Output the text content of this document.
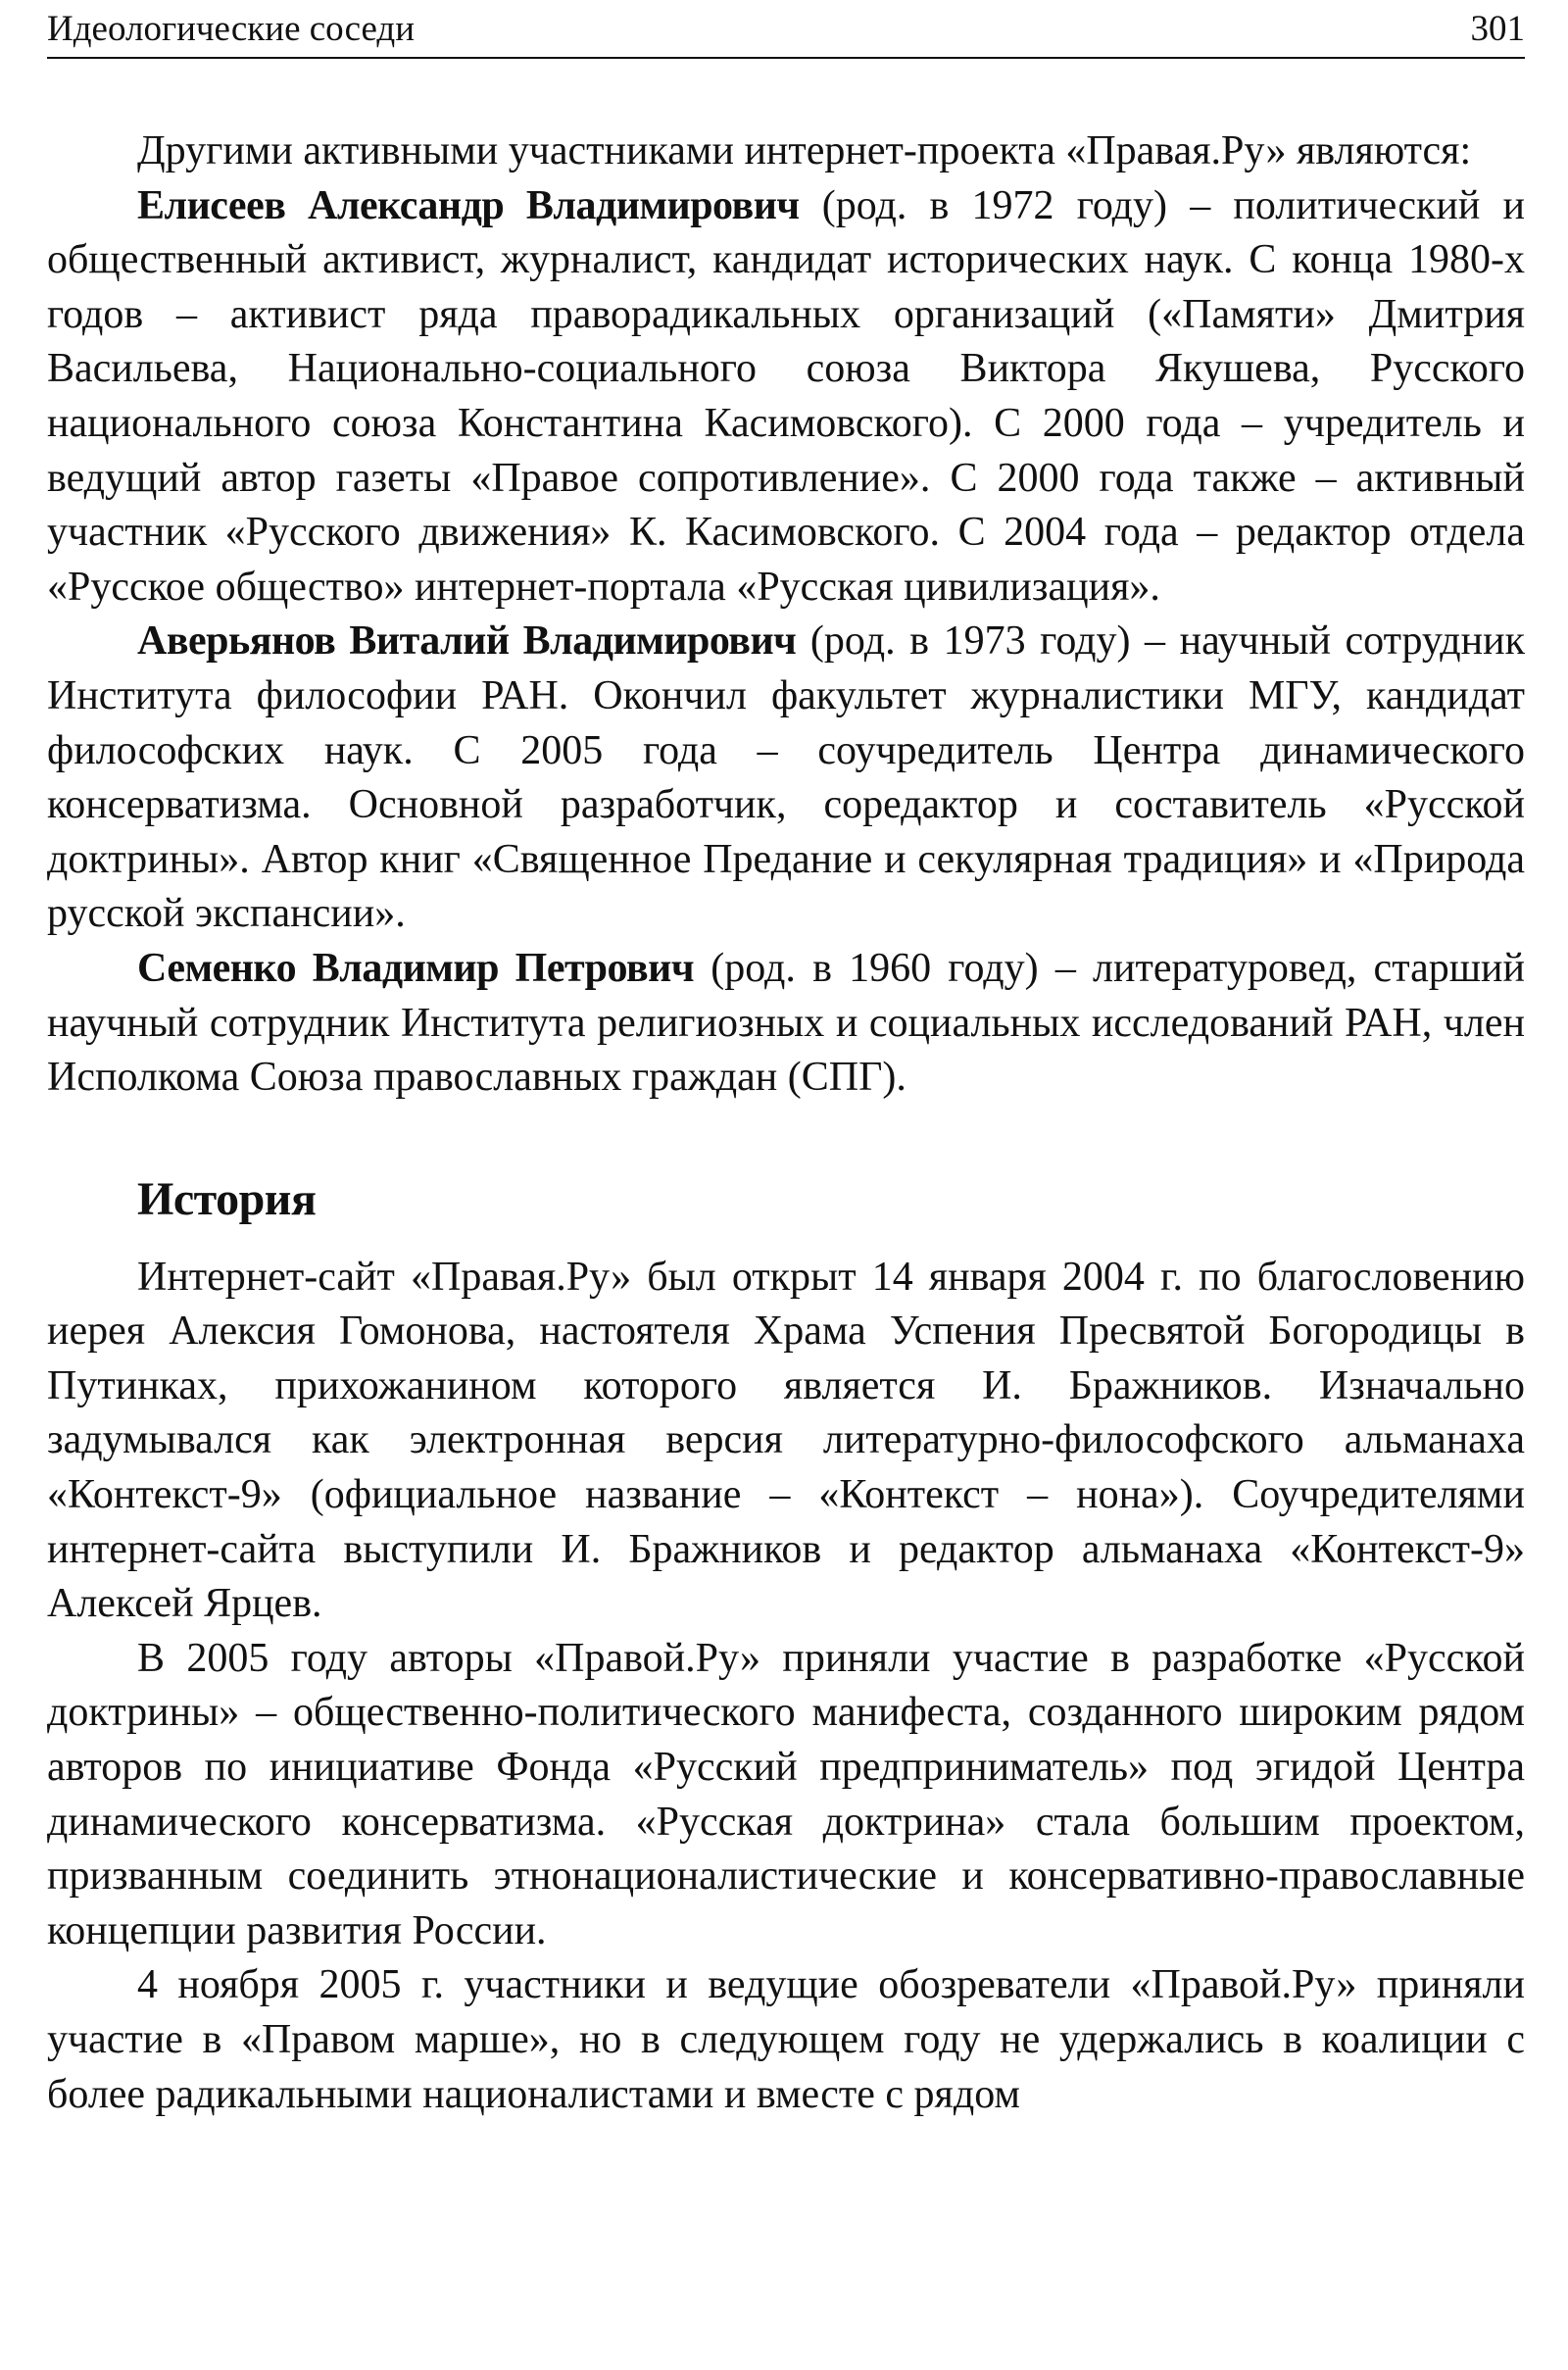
Идеологические соседи	301

Другими активными участниками интернет-проекта «Правая.Ру» являются:

Елисеев Александр Владимирович (род. в 1972 году) – политический и общественный активист, журналист, кандидат исторических наук. С конца 1980-х годов – активист ряда праворадикальных организаций («Памяти» Дмитрия Васильева, Национально-социального союза Виктора Якушева, Русского национального союза Константина Касимовского). С 2000 года – учредитель и ведущий автор газеты «Правое сопротивление». С 2000 года также – активный участник «Русского движения» К. Касимовского. С 2004 года – редактор отдела «Русское общество» интернет-портала «Русская цивилизация».

Аверьянов Виталий Владимирович (род. в 1973 году) – научный сотрудник Института философии РАН. Окончил факультет журналистики МГУ, кандидат философских наук. С 2005 года – соучредитель Центра динамического консерватизма. Основной разработчик, соредактор и составитель «Русской доктрины». Автор книг «Священное Предание и секулярная традиция» и «Природа русской экспансии».

Семенко Владимир Петрович (род. в 1960 году) – литературовед, старший научный сотрудник Института религиозных и социальных исследований РАН, член Исполкома Союза православных граждан (СПГ).

История

Интернет-сайт «Правая.Ру» был открыт 14 января 2004 г. по благословению иерея Алексия Гомонова, настоятеля Храма Успения Пресвятой Богородицы в Путинках, прихожанином которого является И. Бражников. Изначально задумывался как электронная версия литературно-философского альманаха «Контекст-9» (официальное название – «Контекст – нона»). Соучредителями интернет-сайта выступили И. Бражников и редактор альманаха «Контекст-9» Алексей Ярцев.

В 2005 году авторы «Правой.Ру» приняли участие в разработке «Русской доктрины» – общественно-политического манифеста, созданного широким рядом авторов по инициативе Фонда «Русский предприниматель» под эгидой Центра динамического консерватизма. «Русская доктрина» стала большим проектом, призванным соединить этнонационалистические и консервативно-православные концепции развития России.

4 ноября 2005 г. участники и ведущие обозреватели «Правой.Ру» приняли участие в «Правом марше», но в следующем году не удержались в коалиции с более радикальными националистами и вместе с рядом
